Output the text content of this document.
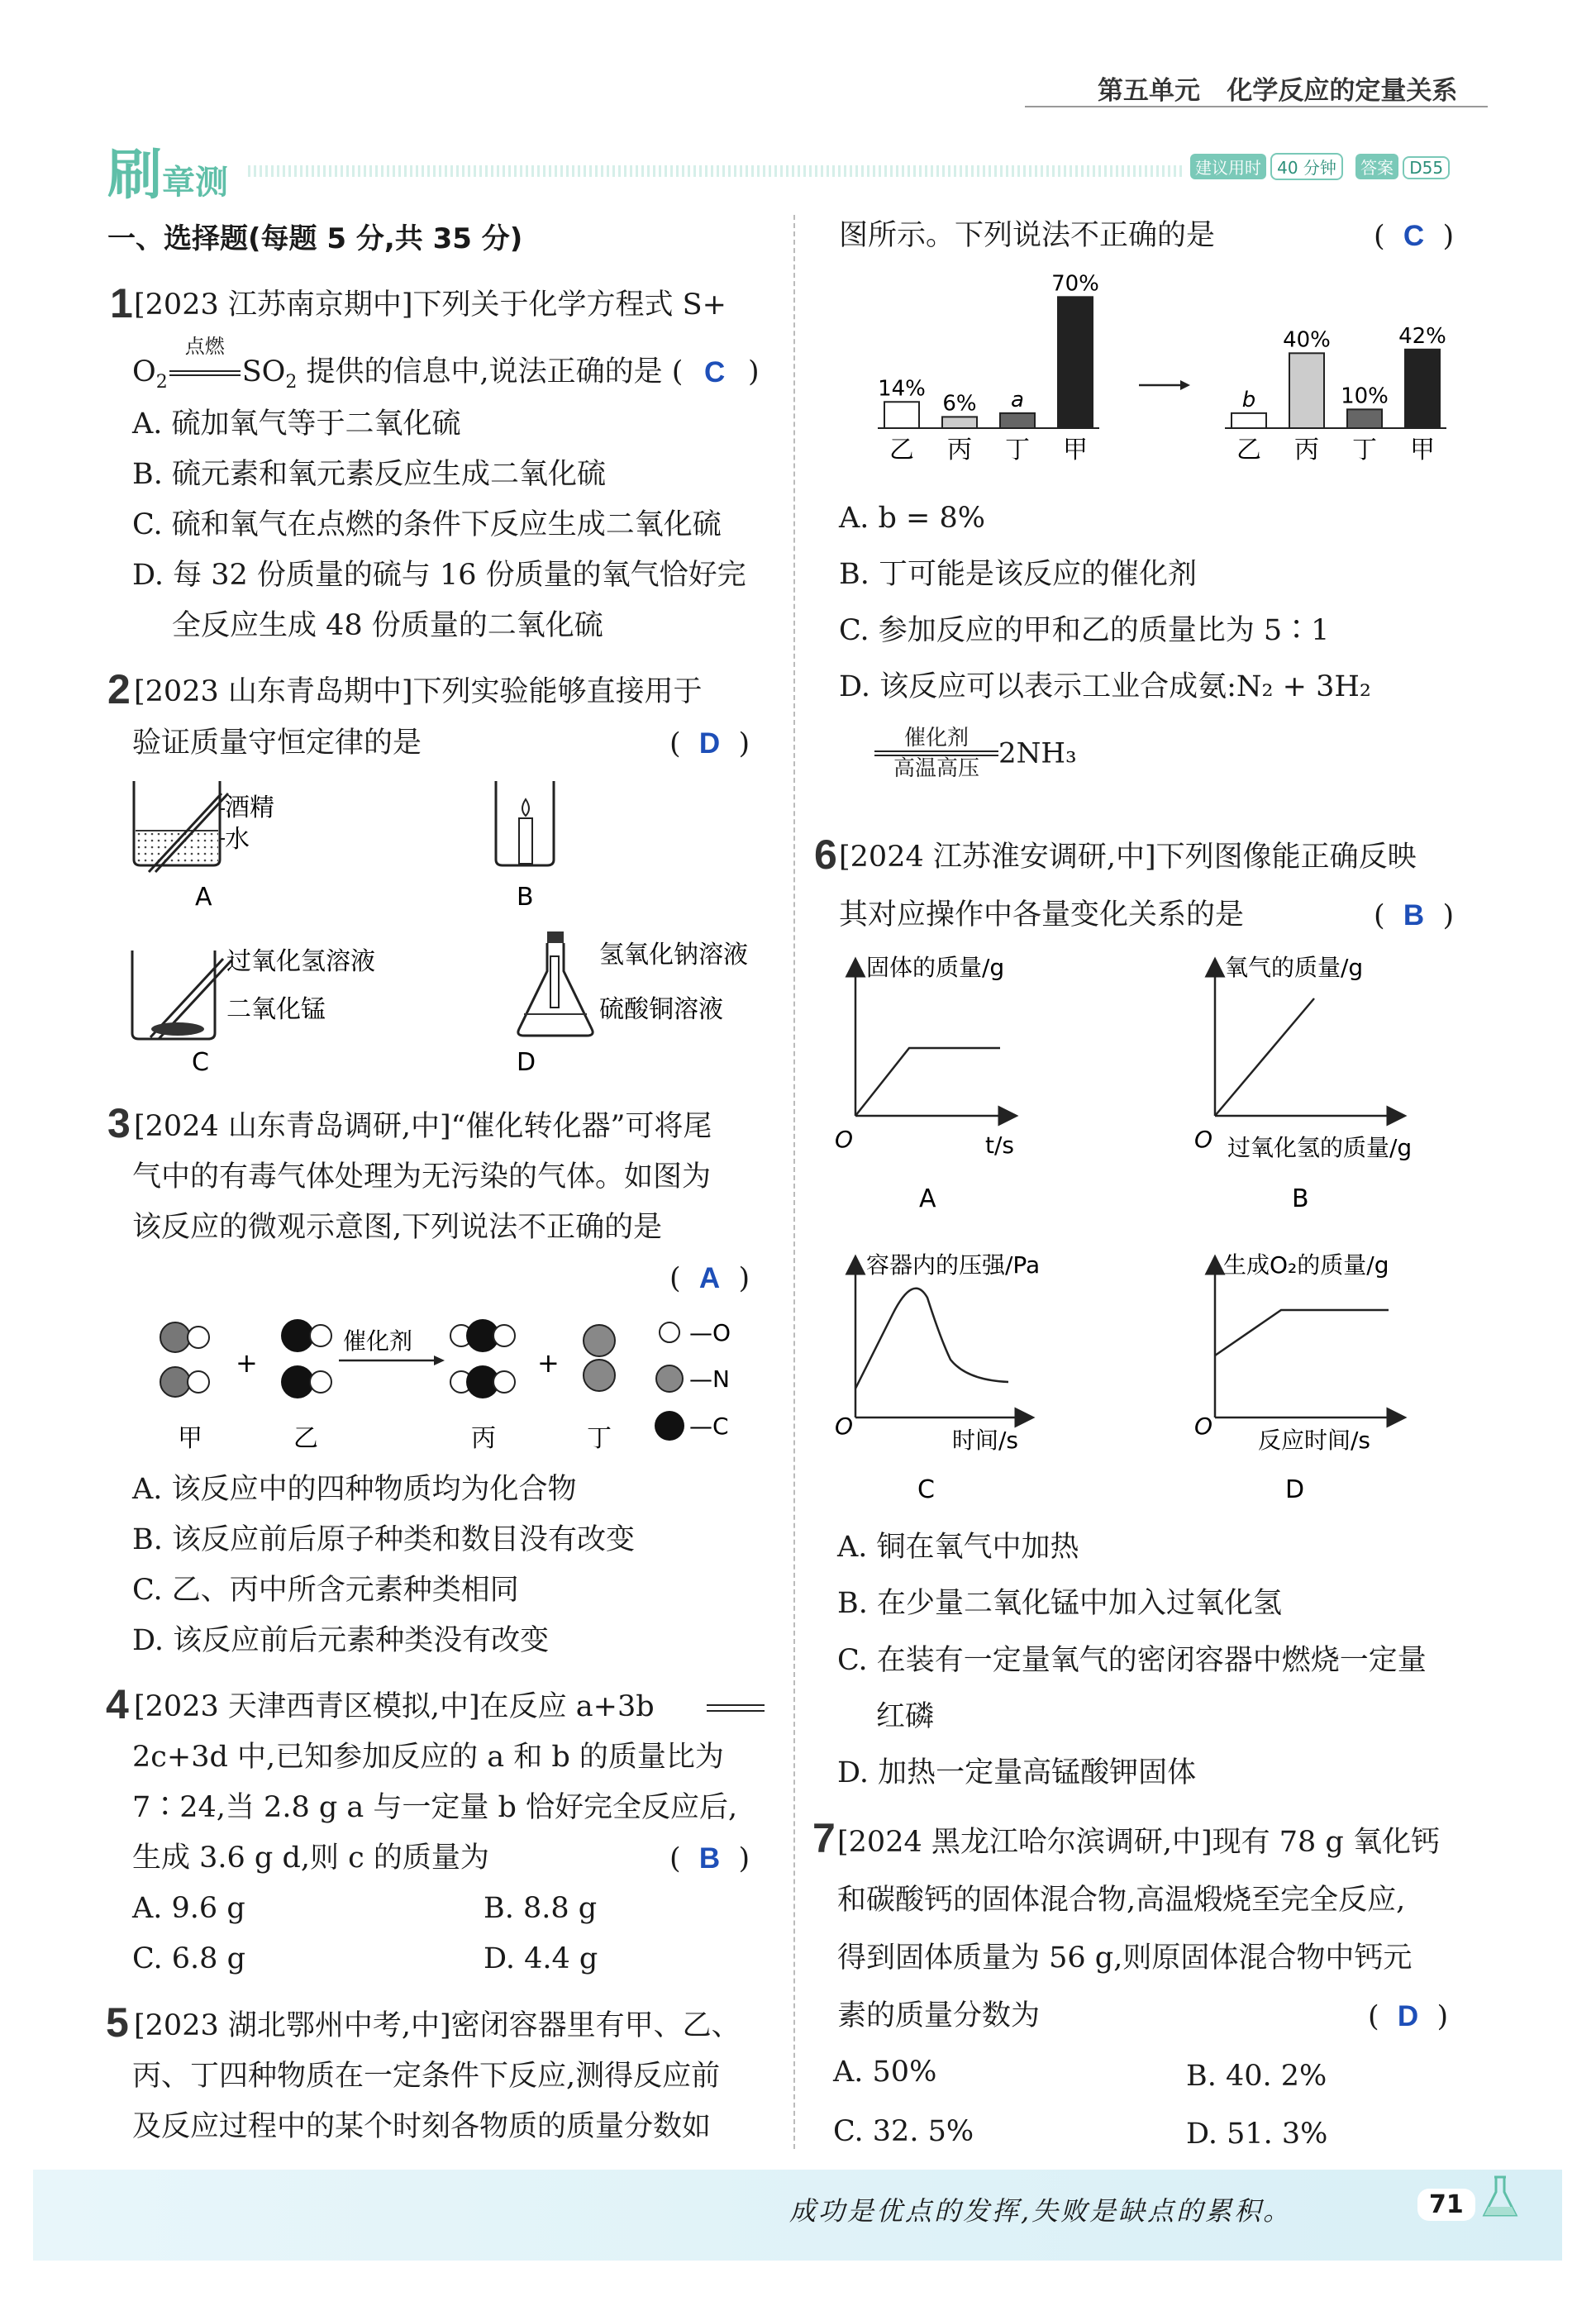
第五单元 化学反应的定量关系
刷章测	建议用时 40 分钟 答案 D55
一、选择题(每题 5 分,共 35 分)
1 [2023 江苏南京期中]下列关于化学方程式 S+
$O_2$
点燃
$SO_2$ 提供的信息中,说法正确的是 ( C )
A. 硫加氧气等于二氧化硫
B. 硫元素和氧元素反应生成二氧化硫
C. 硫和氧气在点燃的条件下反应生成二氧化硫
D. 每 32 份质量的硫与 16 份质量的氧气恰好完
全反应生成 48 份质量的二氧化硫
2 [2023 山东青岛期中]下列实验能够直接用于
验证质量守恒定律的是	(  D  )
酒精
水
A	B
过氧化氢溶液
二氧化锰
C
氢氧化钠溶液
硫酸铜溶液
D
3 [2024 山东青岛调研,中]“催化转化器”可将尾
气中的有毒气体处理为无污染的气体。如图为
该反应的微观示意图,下列说法不正确的是
(  A  )
+
催化剂
+
—O
—N
—C
甲	乙	丙	丁
A. 该反应中的四种物质均为化合物
B. 该反应前后原子种类和数目没有改变
C. 乙、丙中所含元素种类相同
D. 该反应前后元素种类没有改变
4 [2023 天津西青区模拟,中]在反应 a+3b
2c+3d 中,已知参加反应的 a 和 b 的质量比为
7∶24,当 2.8 g a 与一定量 b 恰好完全反应后,
生成 3.6 g d,则 c 的质量为	(  B  )
A. 9.6 g	B. 8.8 g
C. 6.8 g	D. 4.4 g
5 [2023 湖北鄂州中考,中]密闭容器里有甲、乙、
丙、丁四种物质在一定条件下反应,测得反应前
及反应过程中的某个时刻各物质的质量分数如
图所示。下列说法不正确的是	(  C  )
14%
乙
6%
丙
a
丁
70%
甲
b
乙
40%
丙
10%
丁
42%
甲
A. b = 8%
B. 丁可能是该反应的催化剂
C. 参加反应的甲和乙的质量比为 5∶1
D. 该反应可以表示工业合成氨:N₂ + 3H₂
催化剂
高温高压 2NH₃
6 [2024 江苏淮安调研,中]下列图像能正确反映
其对应操作中各量变化关系的是	(  B  )
固体的质量/g
O	t/s
A
氧气的质量/g
O 过氧化氢的质量/g
B
容器内的压强/Pa
O
时间/s
C
生成O₂的质量/g
O
反应时间/s
D
A. 铜在氧气中加热
B. 在少量二氧化锰中加入过氧化氢
C. 在装有一定量氧气的密闭容器中燃烧一定量
红磷
D. 加热一定量高锰酸钾固体
7 [2024 黑龙江哈尔滨调研,中]现有 78 g 氧化钙
和碳酸钙的固体混合物,高温煅烧至完全反应,
得到固体质量为 56 g,则原固体混合物中钙元
素的质量分数为	(  D  )
A. 50%	B. 40. 2%
C. 32. 5%	D. 51. 3%
成功是优点的发挥,失败是缺点的累积。	71
